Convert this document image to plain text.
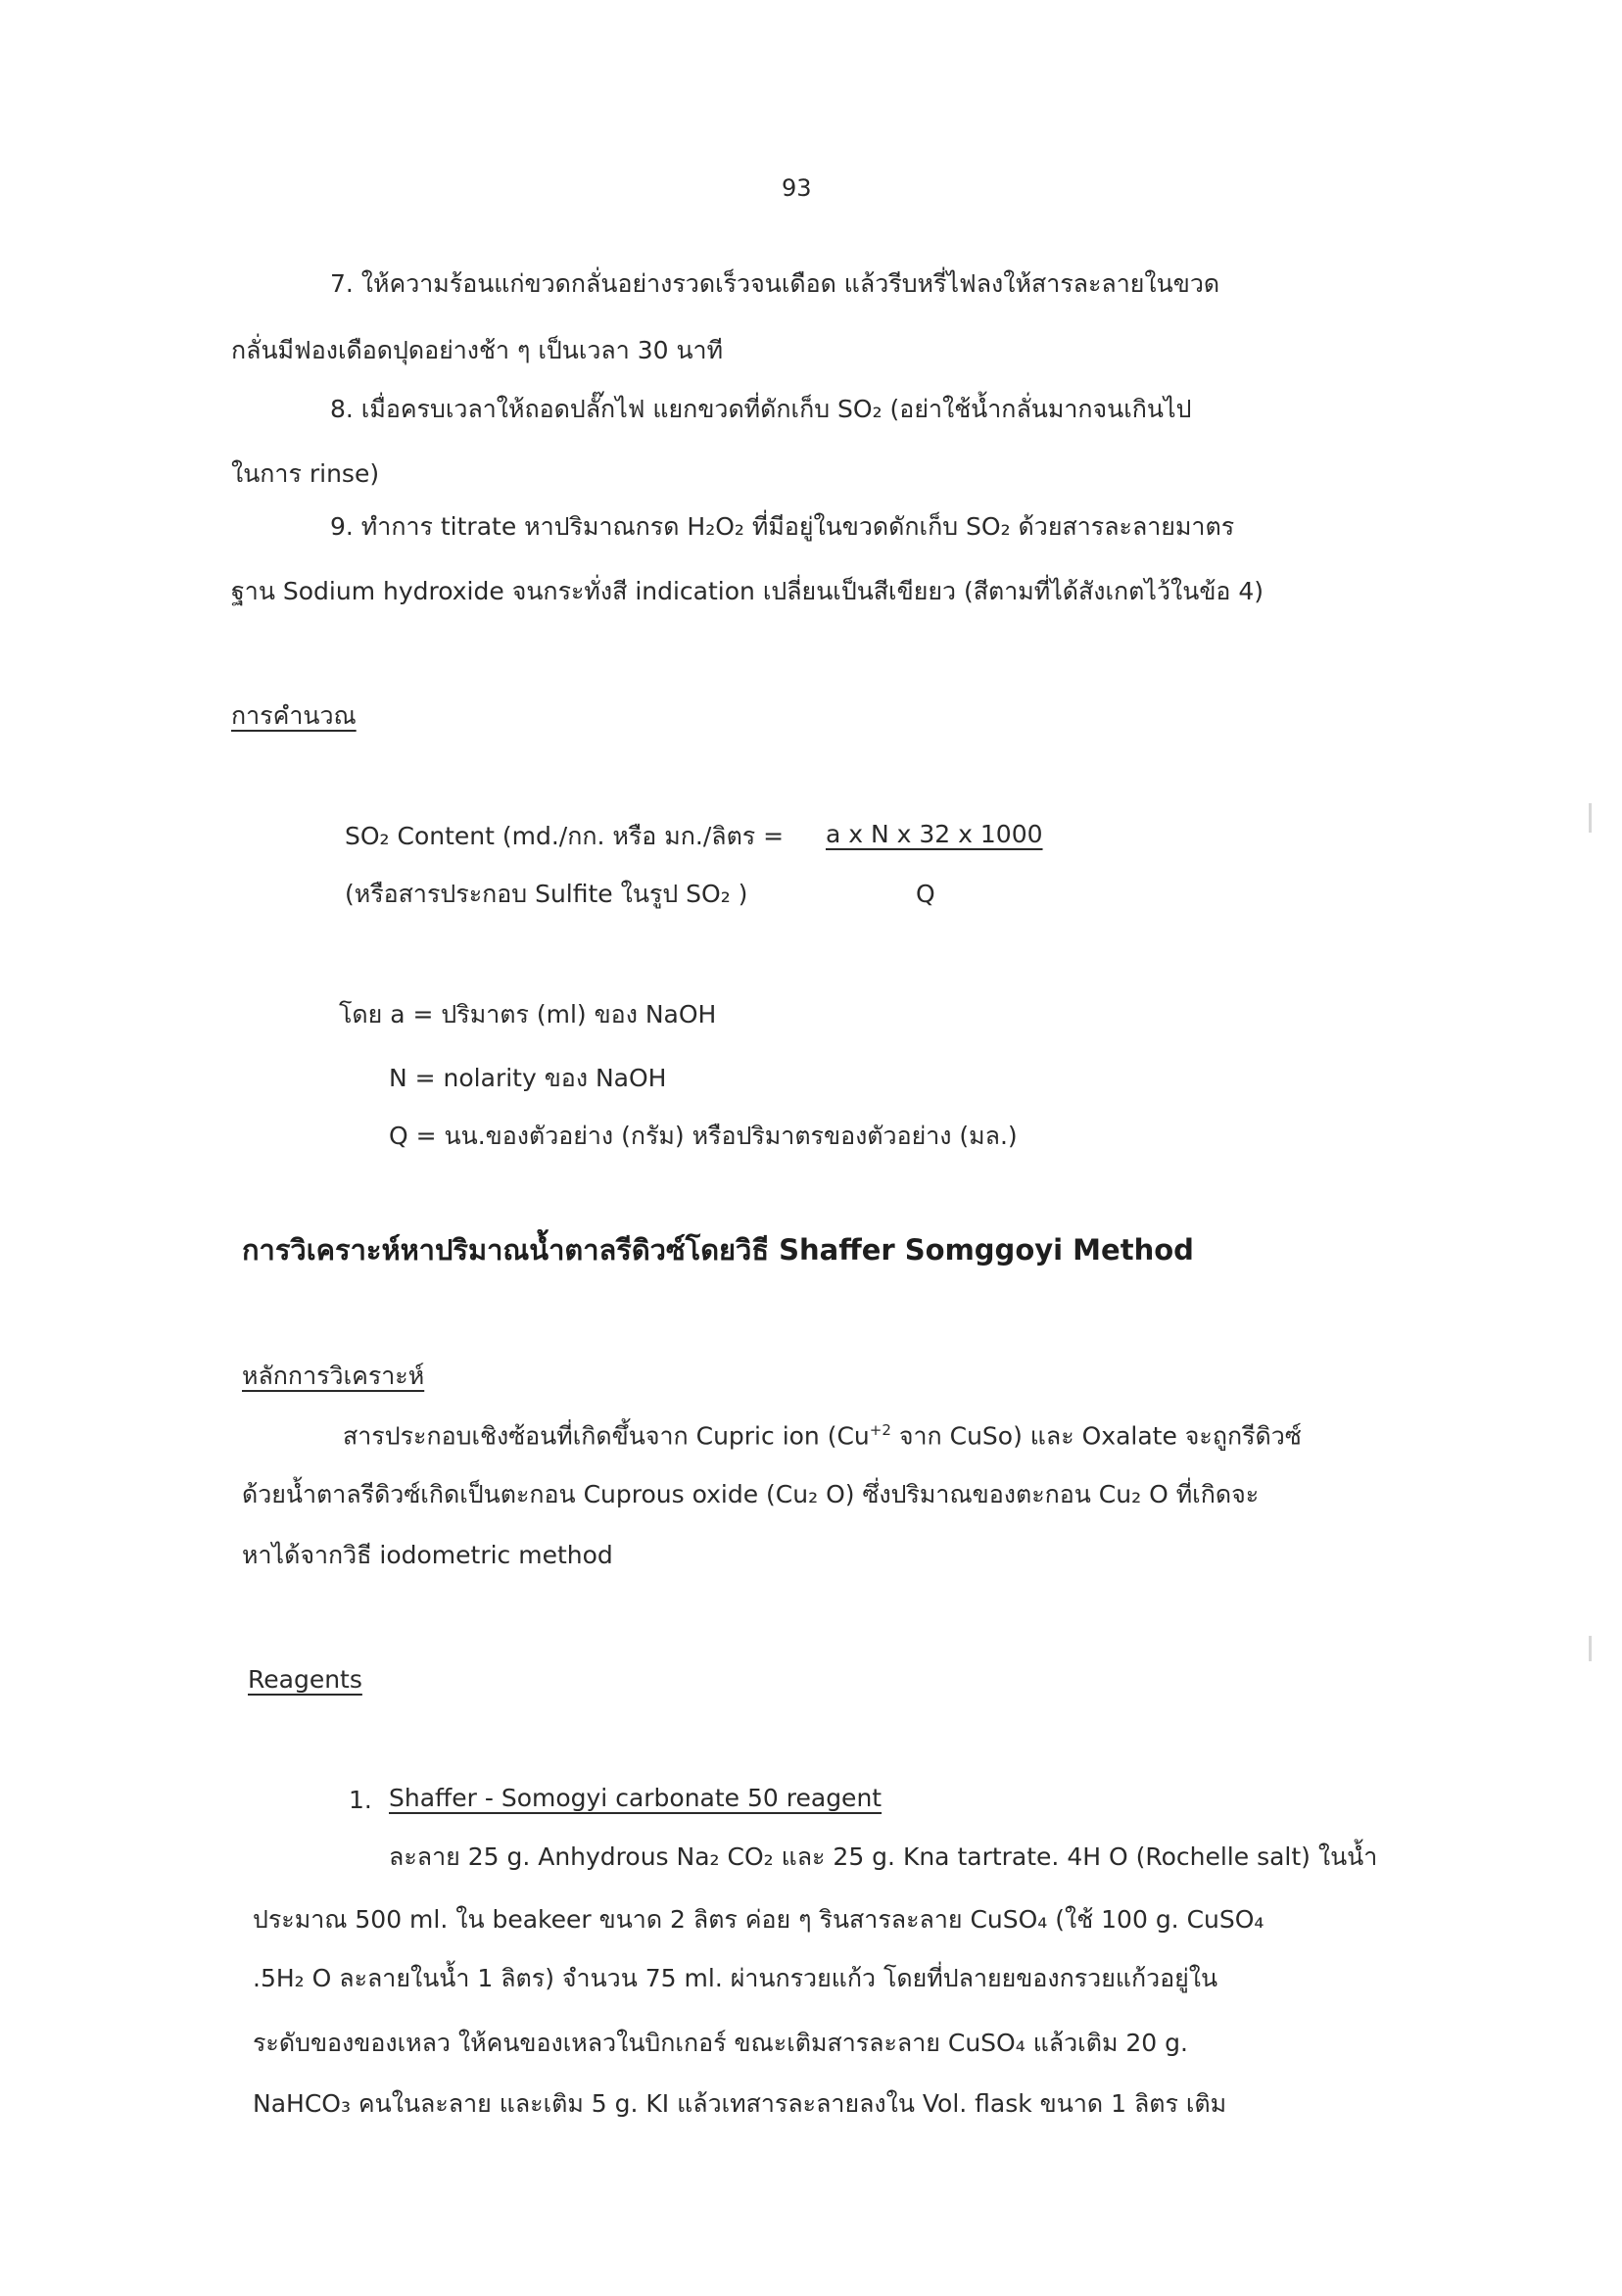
93
7. ให้ความร้อนแก่ขวดกลั่นอย่างรวดเร็วจนเดือด แล้วรีบหรี่ไฟลงให้สารละลายในขวด
กลั่นมีฟองเดือดปุดอย่างช้า ๆ เป็นเวลา 30 นาที
8. เมื่อครบเวลาให้ถอดปลั๊กไฟ แยกขวดที่ดักเก็บ SO₂ (อย่าใช้น้ำกลั่นมากจนเกินไป
ในการ rinse)
9. ทำการ titrate หาปริมาณกรด H₂O₂ ที่มีอยู่ในขวดดักเก็บ SO₂ ด้วยสารละลายมาตร
ฐาน Sodium hydroxide จนกระทั่งสี indication เปลี่ยนเป็นสีเขียยว (สีตามที่ได้สังเกตไว้ในข้อ 4)
การคำนวณ
SO₂ Content (md./กก. หรือ มก./ลิตร = a x N x 32 x 1000
(หรือสารประกอบ Sulfite ในรูป SO₂ )	Q
โดย a = ปริมาตร (ml) ของ NaOH
N = nolarity ของ NaOH
Q = นน.ของตัวอย่าง (กรัม) หรือปริมาตรของตัวอย่าง (มล.)
การวิเคราะห์หาปริมาณน้ำตาลรีดิวซ์โดยวิธี Shaffer Somggoyi Method
หลักการวิเคราะห์
สารประกอบเชิงซ้อนที่เกิดขึ้นจาก Cupric ion ($Cu^{+2}$ จาก CuSo) และ Oxalate จะถูกรีดิวซ์
ด้วยน้ำตาลรีดิวซ์เกิดเป็นตะกอน Cuprous oxide (Cu₂ O) ซึ่งปริมาณของตะกอน Cu₂ O ที่เกิดจะ
หาได้จากวิธี iodometric method
Reagents
1. Shaffer - Somogyi carbonate 50 reagent
ละลาย 25 g. Anhydrous Na₂ CO₂ และ 25 g. Kna tartrate. 4H O (Rochelle salt) ในน้ำ
ประมาณ 500 ml. ใน beakeer ขนาด 2 ลิตร ค่อย ๆ รินสารละลาย CuSO₄ (ใช้ 100 g. CuSO₄
.5H₂ O ละลายในน้ำ 1 ลิตร) จำนวน 75 ml. ผ่านกรวยแก้ว โดยที่ปลายยของกรวยแก้วอยู่ใน
ระดับของของเหลว ให้คนของเหลวในบิกเกอร์ ขณะเติมสารละลาย CuSO₄ แล้วเติม 20 g.
NaHCO₃ คนในละลาย และเติม 5 g. KI แล้วเทสารละลายลงใน Vol. flask ขนาด 1 ลิตร เติม
